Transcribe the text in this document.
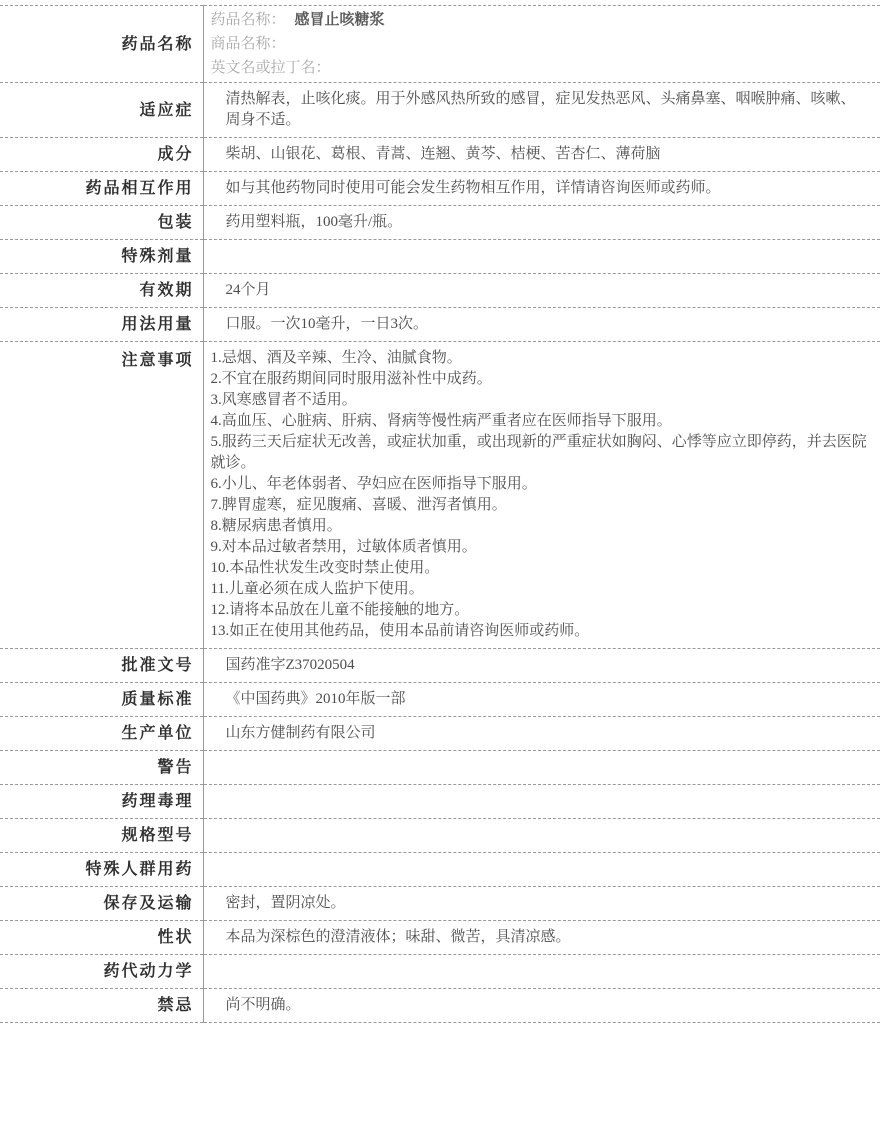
药品名称	药品名称： 感冒止咳糖浆
商品名称：
英文名或拉丁名：

适应症	清热解表，止咳化痰。用于外感风热所致的感冒，症见发热恶风、头痛鼻塞、咽喉肿痛、咳嗽、周身不适。
成分	柴胡、山银花、葛根、青蒿、连翘、黄芩、桔梗、苦杏仁、薄荷脑
药品相互作用	如与其他药物同时使用可能会发生药物相互作用，详情请咨询医师或药师。
包装	药用塑料瓶，100毫升/瓶。
特殊剂量	
有效期	24个月
用法用量	口服。一次10毫升，一日3次。
注意事项	1.忌烟、酒及辛辣、生冷、油腻食物。
2.不宜在服药期间同时服用滋补性中成药。
3.风寒感冒者不适用。
4.高血压、心脏病、肝病、肾病等慢性病严重者应在医师指导下服用。
5.服药三天后症状无改善，或症状加重，或出现新的严重症状如胸闷、心悸等应立即停药，并去医院就诊。
6.小儿、年老体弱者、孕妇应在医师指导下服用。
7.脾胃虚寒，症见腹痛、喜暖、泄泻者慎用。
8.糖尿病患者慎用。
9.对本品过敏者禁用，过敏体质者慎用。
10.本品性状发生改变时禁止使用。
11.儿童必须在成人监护下使用。
12.请将本品放在儿童不能接触的地方。
13.如正在使用其他药品，使用本品前请咨询医师或药师。

批准文号	国药准字Z37020504
质量标准	《中国药典》2010年版一部
生产单位	山东方健制药有限公司
警告	
药理毒理	
规格型号	
特殊人群用药	
保存及运输	密封，置阴凉处。
性状	本品为深棕色的澄清液体；味甜、微苦，具清凉感。
药代动力学	
禁忌	尚不明确。
